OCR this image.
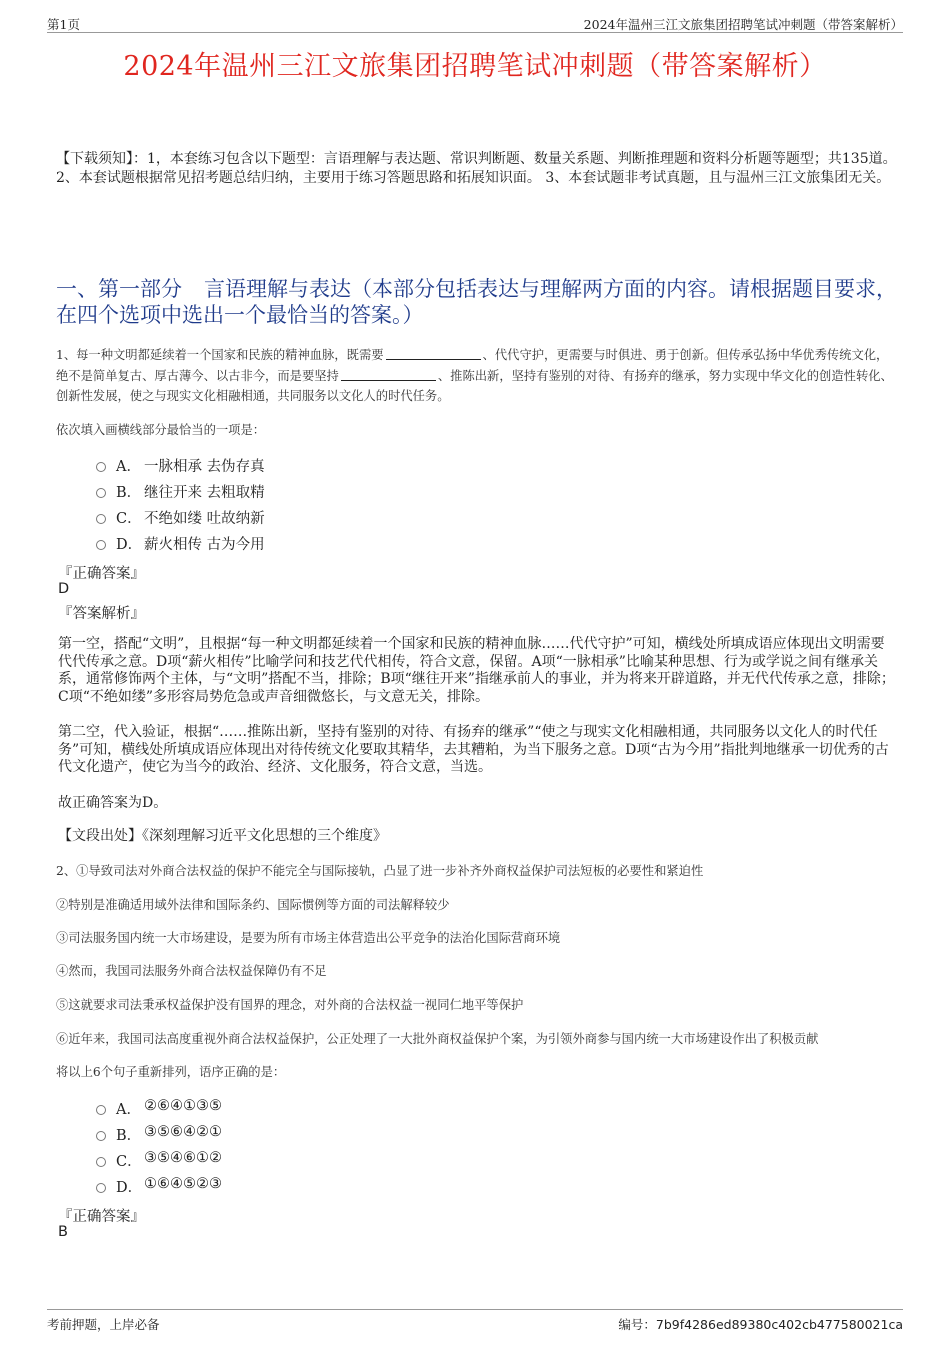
第1页	2024年温州三江文旅集团招聘笔试冲刺题（带答案解析）
2024年温州三江文旅集团招聘笔试冲刺题（带答案解析）
【下载须知】：1，本套练习包含以下题型：言语理解与表达题、常识判断题、数量关系题、判断推理题和资料分析题等题型；共135道。 2、本套试题根据常见招考题总结归纳，主要用于练习答题思路和拓展知识面。 3、本套试题非考试真题，且与温州三江文旅集团无关。
一、第一部分 言语理解与表达（本部分包括表达与理解两方面的内容。请根据题目要求，在四个选项中选出一个最恰当的答案。）
1、每一种文明都延续着一个国家和民族的精神血脉，既需要	、代代守护，更需要与时俱进、勇于创新。但传承弘扬中华优秀传统文化，绝不是简单复古、厚古薄今、以古非今，而是要坚持	、推陈出新，坚持有鉴别的对待、有扬弃的继承，努力实现中华文化的创造性转化、创新性发展，使之与现实文化相融相通，共同服务以文化人的时代任务。
依次填入画横线部分最恰当的一项是：
A． 一脉相承 去伪存真
B． 继往开来 去粗取精
C． 不绝如缕 吐故纳新
D． 薪火相传 古为今用
『正确答案』
D
『答案解析』
第一空，搭配“文明”，且根据“每一种文明都延续着一个国家和民族的精神血脉……代代守护”可知，横线处所填成语应体现出文明需要代代传承之意。D项“薪火相传”比喻学问和技艺代代相传，符合文意，保留。A项“一脉相承”比喻某种思想、行为或学说之间有继承关系，通常修饰两个主体，与“文明”搭配不当，排除；B项“继往开来”指继承前人的事业，并为将来开辟道路，并无代代传承之意，排除；C项“不绝如缕”多形容局势危急或声音细微悠长，与文意无关，排除。
第二空，代入验证，根据“……推陈出新，坚持有鉴别的对待、有扬弃的继承”“使之与现实文化相融相通，共同服务以文化人的时代任务”可知，横线处所填成语应体现出对待传统文化要取其精华，去其糟粕，为当下服务之意。D项“古为今用”指批判地继承一切优秀的古代文化遗产，使它为当今的政治、经济、文化服务，符合文意，当选。
故正确答案为D。
【文段出处】《深刻理解习近平文化思想的三个维度》
2、①导致司法对外商合法权益的保护不能完全与国际接轨，凸显了进一步补齐外商权益保护司法短板的必要性和紧迫性
②特别是准确适用域外法律和国际条约、国际惯例等方面的司法解释较少
③司法服务国内统一大市场建设，是要为所有市场主体营造出公平竞争的法治化国际营商环境
④然而，我国司法服务外商合法权益保障仍有不足
⑤这就要求司法秉承权益保护没有国界的理念，对外商的合法权益一视同仁地平等保护
⑥近年来，我国司法高度重视外商合法权益保护，公正处理了一大批外商权益保护个案，为引领外商参与国内统一大市场建设作出了积极贡献
将以上6个句子重新排列，语序正确的是：
A． ②⑥④①③⑤
B． ③⑤⑥④②①
C． ③⑤④⑥①②
D． ①⑥④⑤②③
『正确答案』
B
考前押题，上岸必备	编号：7b9f4286ed89380c402cb477580021ca
